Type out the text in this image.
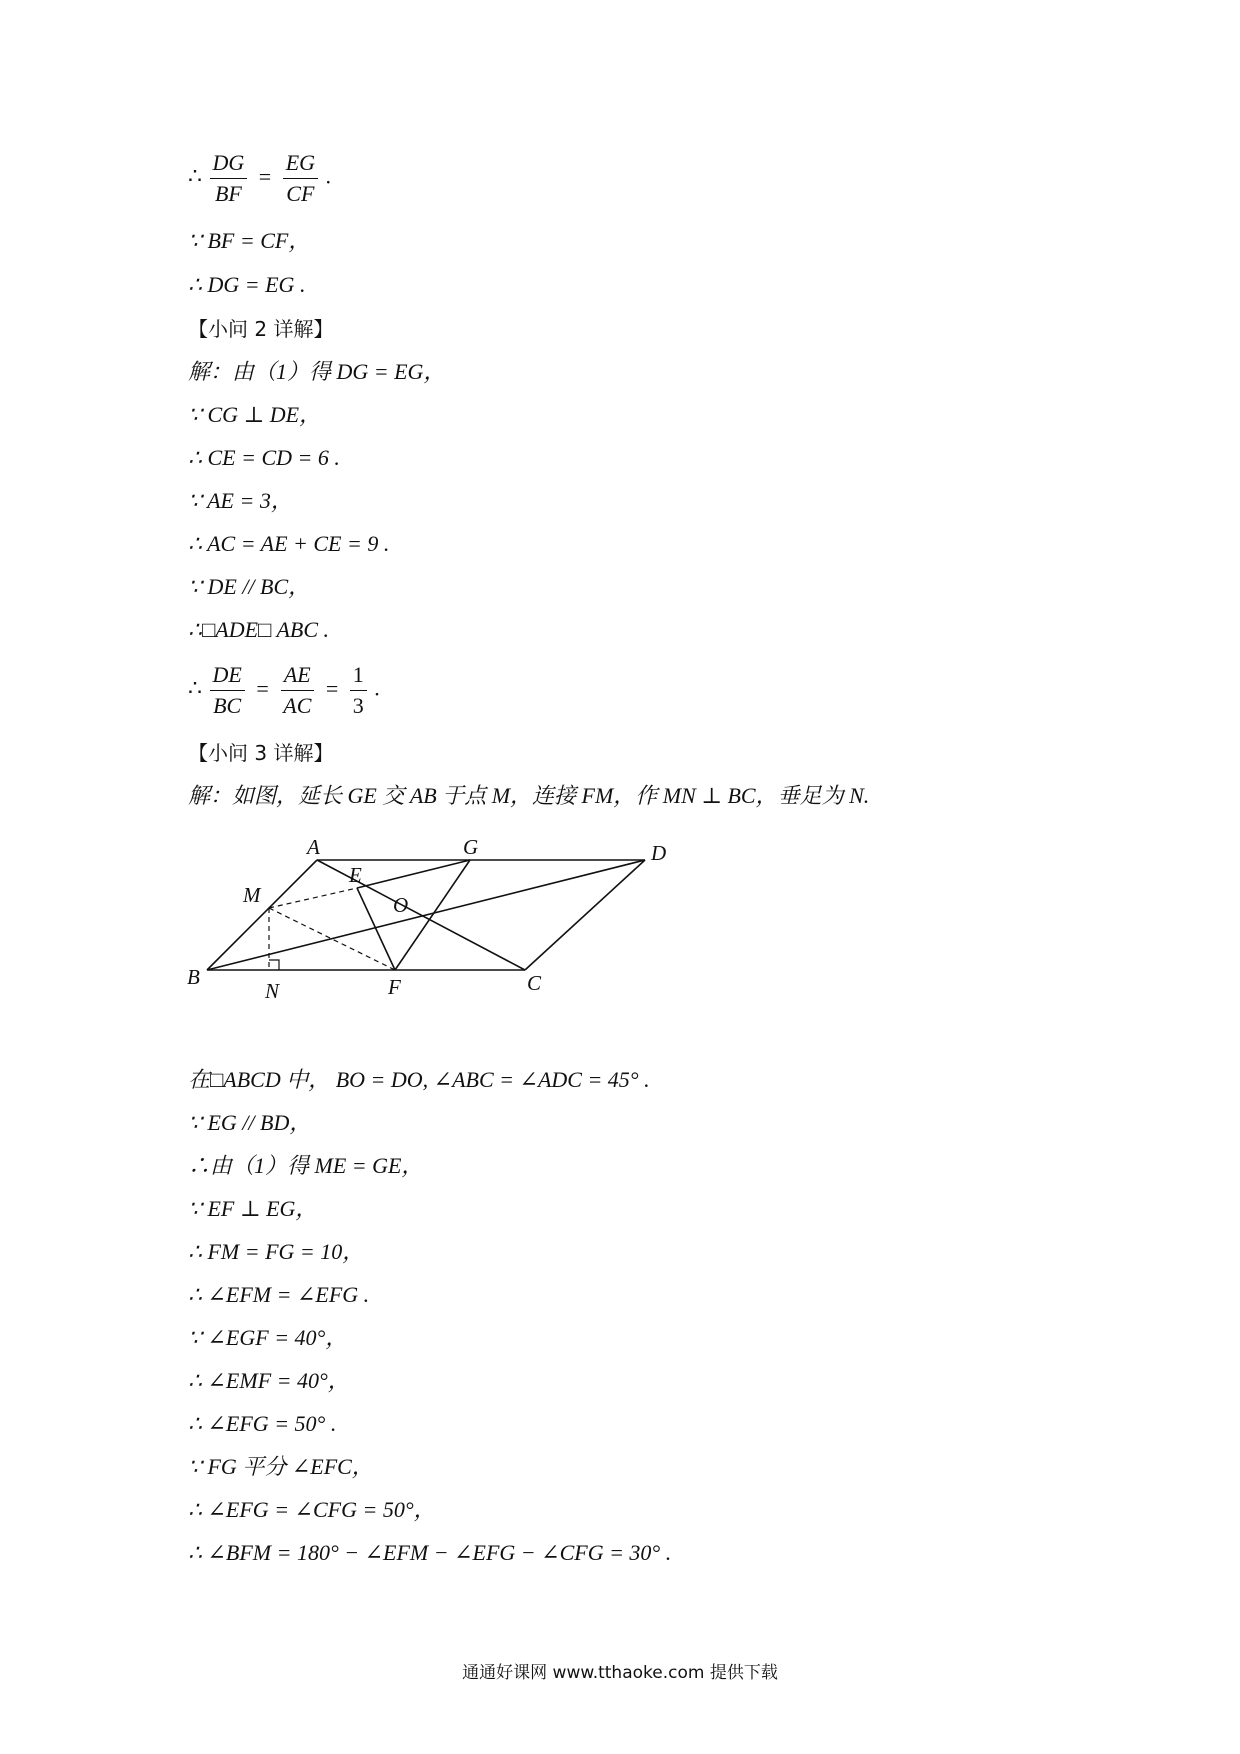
∴ $\frac{DG}{BF} = \frac{EG}{CF}$ .
∵ BF = CF，
∴ DG = EG .
【小问 2 详解】
解：由（1）得 DG = EG，
∵ CG ⊥ DE，
∴ CE = CD = 6 .
∵ AE = 3，
∴ AC = AE + CE = 9 .
∵ DE // BC，
∴□ADE□ ABC .
∴ $\frac{DE}{BC} = \frac{AE}{AC} = \frac{1}{3}$ .
【小问 3 详解】
解：如图，延长 GE 交 AB 于点 M，连接 FM，作 MN ⊥ BC，垂足为 N.
A	G	D
E
M	O
B
N	F	C
在□ABCD 中， BO = DO, ∠ABC = ∠ADC = 45° .
∵ EG // BD，
∴由（1）得 ME = GE，
∵ EF ⊥ EG，
∴ FM = FG = 10，
∴ ∠EFM = ∠EFG .
∵ ∠EGF = 40°，
∴ ∠EMF = 40°，
∴ ∠EFG = 50° .
∵ FG 平分 ∠EFC，
∴ ∠EFG = ∠CFG = 50°，
∴ ∠BFM = 180° − ∠EFM − ∠EFG − ∠CFG = 30° .
通通好课网 www.tthaoke.com 提供下载
